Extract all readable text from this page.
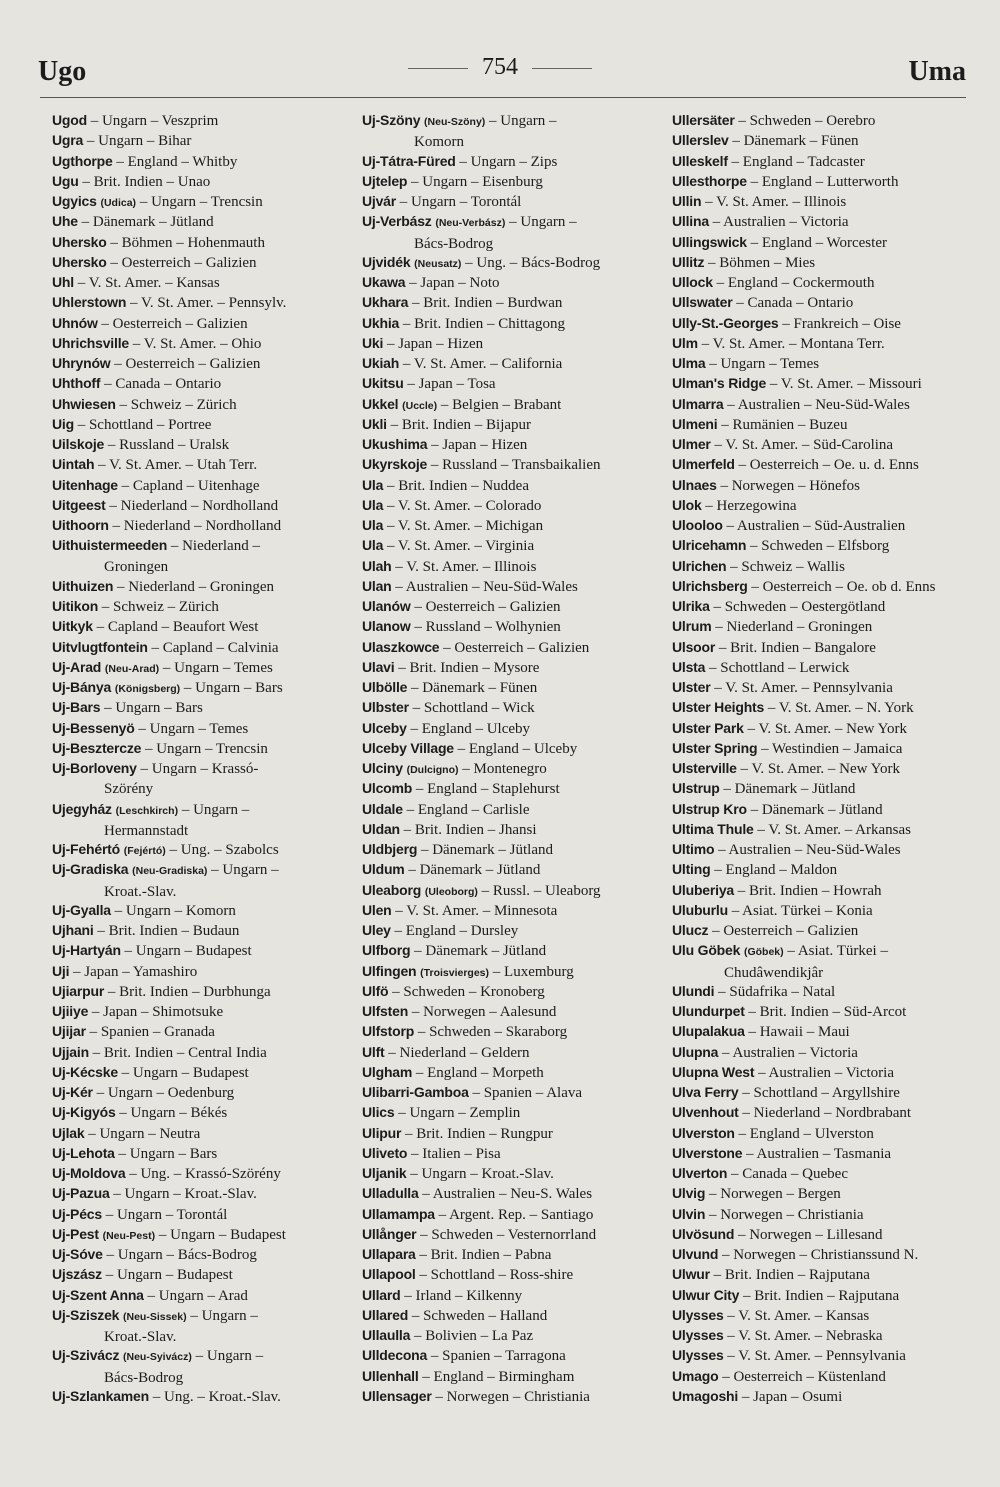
Ugo	754	Uma
Ugod – Ungarn – Veszprim
Ugra – Ungarn – Bihar
Ugthorpe – England – Whitby
Ugu – Brit. Indien – Unao
Ugyics (Udica) – Ungarn – Trencsin
Uhe – Dänemark – Jütland
Uhersko – Böhmen – Hohenmauth
Uhersko – Oesterreich – Galizien
Uhl – V. St. Amer. – Kansas
Uhlerstown – V. St. Amer. – Pennsylv.
Uhnów – Oesterreich – Galizien
Uhrichsville – V. St. Amer. – Ohio
Uhrynów – Oesterreich – Galizien
Uhthoff – Canada – Ontario
Uhwiesen – Schweiz – Zürich
Uig – Schottland – Portree
Uilskoje – Russland – Uralsk
Uintah – V. St. Amer. – Utah Terr.
Uitenhage – Capland – Uitenhage
Uitgeest – Niederland – Nordholland
Uithoorn – Niederland – Nordholland
Uithuistermeeden – Niederland –
Groningen
Uithuizen – Niederland – Groningen
Uitikon – Schweiz – Zürich
Uitkyk – Capland – Beaufort West
Uitvlugtfontein – Capland – Calvinia
Uj-Arad (Neu-Arad) – Ungarn – Temes
Uj-Bánya (Königsberg) – Ungarn – Bars
Uj-Bars – Ungarn – Bars
Uj-Bessenyö – Ungarn – Temes
Uj-Besztercze – Ungarn – Trencsin
Uj-Borloveny – Ungarn – Krassó-
Szörény
Ujegyház (Leschkirch) – Ungarn –
Hermannstadt
Uj-Fehértó (Fejértó) – Ung. – Szabolcs
Uj-Gradiska (Neu-Gradiska) – Ungarn –
Kroat.-Slav.
Uj-Gyalla – Ungarn – Komorn
Ujhani – Brit. Indien – Budaun
Uj-Hartyán – Ungarn – Budapest
Uji – Japan – Yamashiro
Ujiarpur – Brit. Indien – Durbhunga
Ujiiye – Japan – Shimotsuke
Ujijar – Spanien – Granada
Ujjain – Brit. Indien – Central India
Uj-Kécske – Ungarn – Budapest
Uj-Kér – Ungarn – Oedenburg
Uj-Kigyós – Ungarn – Békés
Ujlak – Ungarn – Neutra
Uj-Lehota – Ungarn – Bars
Uj-Moldova – Ung. – Krassó-Szörény
Uj-Pazua – Ungarn – Kroat.-Slav.
Uj-Pécs – Ungarn – Torontál
Uj-Pest (Neu-Pest) – Ungarn – Budapest
Uj-Sóve – Ungarn – Bács-Bodrog
Ujszász – Ungarn – Budapest
Uj-Szent Anna – Ungarn – Arad
Uj-Sziszek (Neu-Sissek) – Ungarn –
Kroat.-Slav.
Uj-Szivácz (Neu-Syivácz) – Ungarn –
Bács-Bodrog
Uj-Szlankamen – Ung. – Kroat.-Slav.
Uj-Szöny (Neu-Szöny) – Ungarn –
Komorn
Uj-Tátra-Füred – Ungarn – Zips
Ujtelep – Ungarn – Eisenburg
Ujvár – Ungarn – Torontál
Uj-Verbász (Neu-Verbász) – Ungarn –
Bács-Bodrog
Ujvidék (Neusatz) – Ung. – Bács-Bodrog
Ukawa – Japan – Noto
Ukhara – Brit. Indien – Burdwan
Ukhia – Brit. Indien – Chittagong
Uki – Japan – Hizen
Ukiah – V. St. Amer. – California
Ukitsu – Japan – Tosa
Ukkel (Uccle) – Belgien – Brabant
Ukli – Brit. Indien – Bijapur
Ukushima – Japan – Hizen
Ukyrskoje – Russland – Transbaikalien
Ula – Brit. Indien – Nuddea
Ula – V. St. Amer. – Colorado
Ula – V. St. Amer. – Michigan
Ula – V. St. Amer. – Virginia
Ulah – V. St. Amer. – Illinois
Ulan – Australien – Neu-Süd-Wales
Ulanów – Oesterreich – Galizien
Ulanow – Russland – Wolhynien
Ulaszkowce – Oesterreich – Galizien
Ulavi – Brit. Indien – Mysore
Ulbölle – Dänemark – Fünen
Ulbster – Schottland – Wick
Ulceby – England – Ulceby
Ulceby Village – England – Ulceby
Ulciny (Dulcigno) – Montenegro
Ulcomb – England – Staplehurst
Uldale – England – Carlisle
Uldan – Brit. Indien – Jhansi
Uldbjerg – Dänemark – Jütland
Uldum – Dänemark – Jütland
Uleaborg (Uleoborg) – Russl. – Uleaborg
Ulen – V. St. Amer. – Minnesota
Uley – England – Dursley
Ulfborg – Dänemark – Jütland
Ulfingen (Troisvierges) – Luxemburg
Ulfö – Schweden – Kronoberg
Ulfsten – Norwegen – Aalesund
Ulfstorp – Schweden – Skaraborg
Ulft – Niederland – Geldern
Ulgham – England – Morpeth
Ulibarri-Gamboa – Spanien – Alava
Ulics – Ungarn – Zemplin
Ulipur – Brit. Indien – Rungpur
Uliveto – Italien – Pisa
Uljanik – Ungarn – Kroat.-Slav.
Ulladulla – Australien – Neu-S. Wales
Ullamampa – Argent. Rep. – Santiago
Ullånger – Schweden – Vesternorrland
Ullapara – Brit. Indien – Pabna
Ullapool – Schottland – Ross-shire
Ullard – Irland – Kilkenny
Ullared – Schweden – Halland
Ullaulla – Bolivien – La Paz
Ulldecona – Spanien – Tarragona
Ullenhall – England – Birmingham
Ullensager – Norwegen – Christiania
Ullersäter – Schweden – Oerebro
Ullerslev – Dänemark – Fünen
Ulleskelf – England – Tadcaster
Ullesthorpe – England – Lutterworth
Ullin – V. St. Amer. – Illinois
Ullina – Australien – Victoria
Ullingswick – England – Worcester
Ullitz – Böhmen – Mies
Ullock – England – Cockermouth
Ullswater – Canada – Ontario
Ully-St.-Georges – Frankreich – Oise
Ulm – V. St. Amer. – Montana Terr.
Ulma – Ungarn – Temes
Ulman's Ridge – V. St. Amer. – Missouri
Ulmarra – Australien – Neu-Süd-Wales
Ulmeni – Rumänien – Buzeu
Ulmer – V. St. Amer. – Süd-Carolina
Ulmerfeld – Oesterreich – Oe. u. d. Enns
Ulnaes – Norwegen – Hönefos
Ulok – Herzegowina
Ulooloo – Australien – Süd-Australien
Ulricehamn – Schweden – Elfsborg
Ulrichen – Schweiz – Wallis
Ulrichsberg – Oesterreich – Oe. ob d. Enns
Ulrika – Schweden – Oestergötland
Ulrum – Niederland – Groningen
Ulsoor – Brit. Indien – Bangalore
Ulsta – Schottland – Lerwick
Ulster – V. St. Amer. – Pennsylvania
Ulster Heights – V. St. Amer. – N. York
Ulster Park – V. St. Amer. – New York
Ulster Spring – Westindien – Jamaica
Ulsterville – V. St. Amer. – New York
Ulstrup – Dänemark – Jütland
Ulstrup Kro – Dänemark – Jütland
Ultima Thule – V. St. Amer. – Arkansas
Ultimo – Australien – Neu-Süd-Wales
Ulting – England – Maldon
Uluberiya – Brit. Indien – Howrah
Uluburlu – Asiat. Türkei – Konia
Ulucz – Oesterreich – Galizien
Ulu Göbek (Göbek) – Asiat. Türkei –
Chudâwendikjâr
Ulundi – Südafrika – Natal
Ulundurpet – Brit. Indien – Süd-Arcot
Ulupalakua – Hawaii – Maui
Ulupna – Australien – Victoria
Ulupna West – Australien – Victoria
Ulva Ferry – Schottland – Argyllshire
Ulvenhout – Niederland – Nordbrabant
Ulverston – England – Ulverston
Ulverstone – Australien – Tasmania
Ulverton – Canada – Quebec
Ulvig – Norwegen – Bergen
Ulvin – Norwegen – Christiania
Ulvösund – Norwegen – Lillesand
Ulvund – Norwegen – Christianssund N.
Ulwur – Brit. Indien – Rajputana
Ulwur City – Brit. Indien – Rajputana
Ulysses – V. St. Amer. – Kansas
Ulysses – V. St. Amer. – Nebraska
Ulysses – V. St. Amer. – Pennsylvania
Umago – Oesterreich – Küstenland
Umagoshi – Japan – Osumi
